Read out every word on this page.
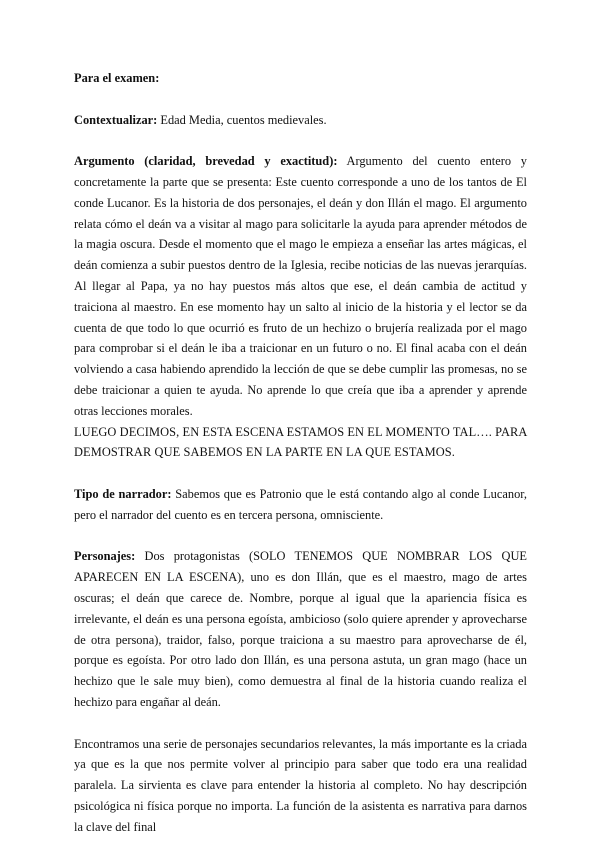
Para el examen:

Contextualizar: Edad Media, cuentos medievales.

Argumento (claridad, brevedad y exactitud): Argumento del cuento entero y concretamente la parte que se presenta: Este cuento corresponde a uno de los tantos de El conde Lucanor. Es la historia de dos personajes, el deán y don Illán el mago. El argumento relata cómo el deán va a visitar al mago para solicitarle la ayuda para aprender métodos de la magia oscura. Desde el momento que el mago le empieza a enseñar las artes mágicas, el deán comienza a subir puestos dentro de la Iglesia, recibe noticias de las nuevas jerarquías. Al llegar al Papa, ya no hay puestos más altos que ese, el deán cambia de actitud y traiciona al maestro. En ese momento hay un salto al inicio de la historia y el lector se da cuenta de que todo lo que ocurrió es fruto de un hechizo o brujería realizada por el mago para comprobar si el deán le iba a traicionar en un futuro o no. El final acaba con el deán volviendo a casa habiendo aprendido la lección de que se debe cumplir las promesas, no se debe traicionar a quien te ayuda. No aprende lo que creía que iba a aprender y aprende otras lecciones morales.

LUEGO DECIMOS, EN ESTA ESCENA ESTAMOS EN EL MOMENTO TAL…. PARA DEMOSTRAR QUE SABEMOS EN LA PARTE EN LA QUE ESTAMOS.

Tipo de narrador: Sabemos que es Patronio que le está contando algo al conde Lucanor, pero el narrador del cuento es en tercera persona, omnisciente.

Personajes: Dos protagonistas (SOLO TENEMOS QUE NOMBRAR LOS QUE APARECEN EN LA ESCENA), uno es don Illán, que es el maestro, mago de artes oscuras; el deán que carece de. Nombre, porque al igual que la apariencia física es irrelevante, el deán es una persona egoísta, ambicioso (solo quiere aprender y aprovecharse de otra persona), traidor, falso, porque traiciona a su maestro para aprovecharse de él, porque es egoísta. Por otro lado don Illán, es una persona astuta, un gran mago (hace un hechizo que le sale muy bien), como demuestra al final de la historia cuando realiza el hechizo para engañar al deán.

Encontramos una serie de personajes secundarios relevantes, la más importante es la criada ya que es la que nos permite volver al principio para saber que todo era una realidad paralela. La sirvienta es clave para entender la historia al completo. No hay descripción psicológica ni física porque no importa. La función de la asistenta es narrativa para darnos la clave del final
